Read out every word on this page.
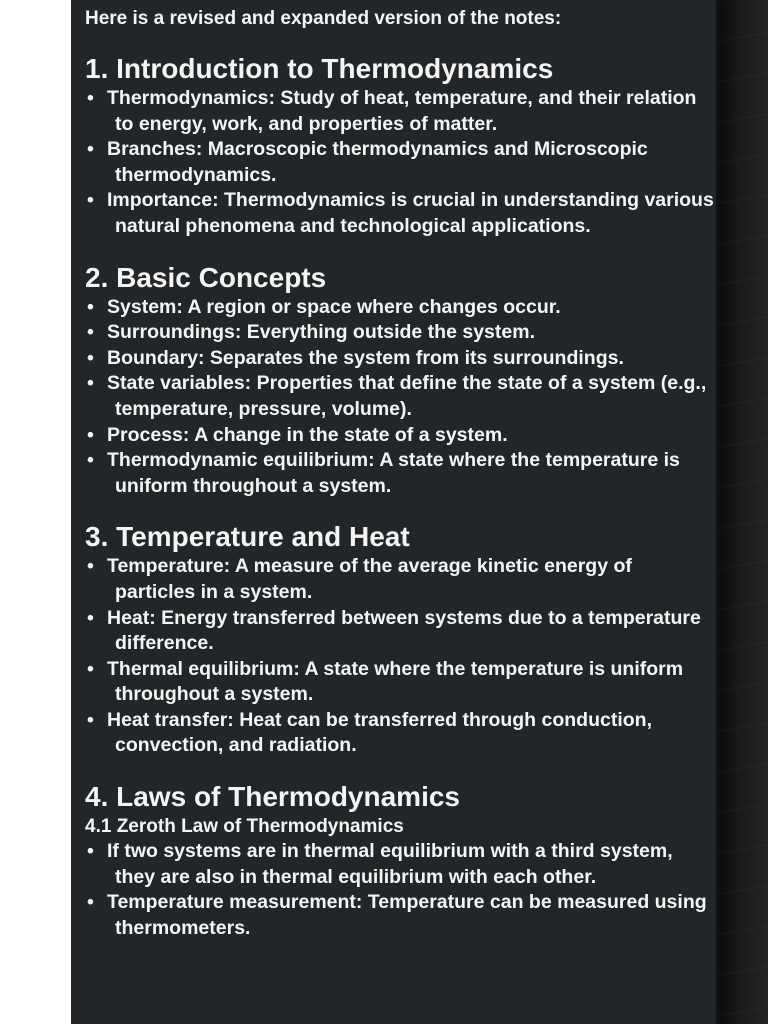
Here is a revised and expanded version of the notes:

1. Introduction to Thermodynamics
• Thermodynamics: Study of heat, temperature, and their relation to energy, work, and properties of matter.
• Branches: Macroscopic thermodynamics and Microscopic thermodynamics.
• Importance: Thermodynamics is crucial in understanding various natural phenomena and technological applications.
2. Basic Concepts
• System: A region or space where changes occur.
• Surroundings: Everything outside the system.
• Boundary: Separates the system from its surroundings.
• State variables: Properties that define the state of a system (e.g., temperature, pressure, volume).
• Process: A change in the state of a system.
• Thermodynamic equilibrium: A state where the temperature is uniform throughout a system.
3. Temperature and Heat
• Temperature: A measure of the average kinetic energy of particles in a system.
• Heat: Energy transferred between systems due to a temperature difference.
• Thermal equilibrium: A state where the temperature is uniform throughout a system.
• Heat transfer: Heat can be transferred through conduction, convection, and radiation.
4. Laws of Thermodynamics

4.1 Zeroth Law of Thermodynamics

• If two systems are in thermal equilibrium with a third system, they are also in thermal equilibrium with each other.
• Temperature measurement: Temperature can be measured using thermometers.
